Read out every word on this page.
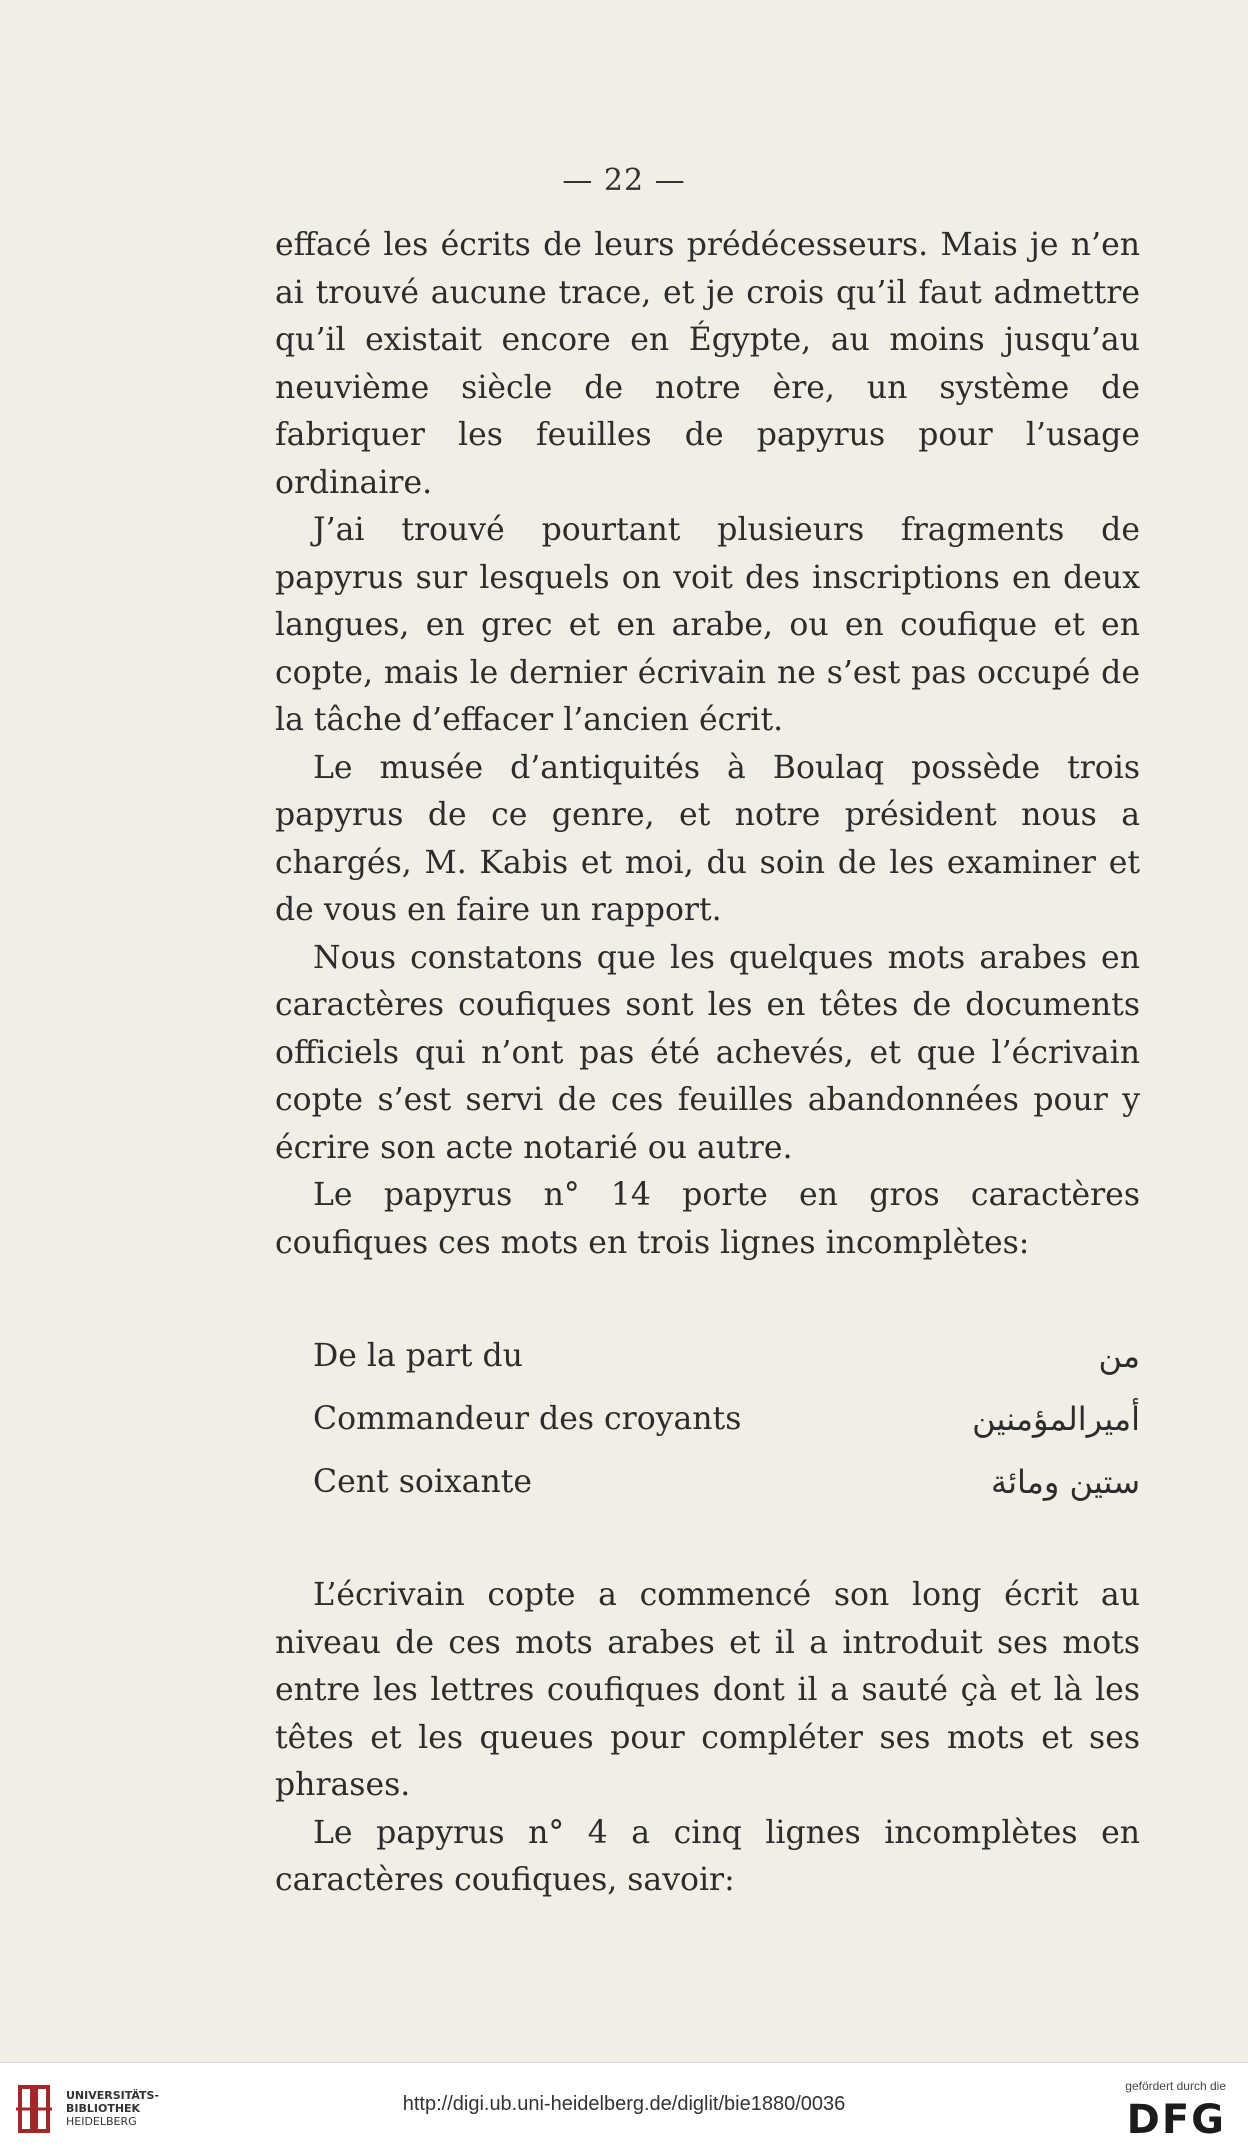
— 22 —

effacé les écrits de leurs prédécesseurs. Mais je n’en ai trouvé aucune trace, et je crois qu’il faut admettre qu’il existait encore en Égypte, au moins jusqu’au neuvième siècle de notre ère, un système de fabriquer les feuilles de papyrus pour l’usage ordinaire.

J’ai trouvé pourtant plusieurs fragments de papyrus sur lesquels on voit des inscriptions en deux langues, en grec et en arabe, ou en coufique et en copte, mais le dernier écrivain ne s’est pas occupé de la tâche d’effacer l’ancien écrit.

Le musée d’antiquités à Boulaq possède trois papyrus de ce genre, et notre président nous a chargés, M. Kabis et moi, du soin de les examiner et de vous en faire un rapport.

Nous constatons que les quelques mots arabes en caractères coufiques sont les en têtes de documents officiels qui n’ont pas été achevés, et que l’écrivain copte s’est servi de ces feuilles abandonnées pour y écrire son acte notarié ou autre.

Le papyrus n° 14 porte en gros caractères coufiques ces mots en trois lignes incomplètes:

De la part du	من
Commandeur des croyants	أميرالمؤمنين
Cent soixante	ستين ومائة

L’écrivain copte a commencé son long écrit au niveau de ces mots arabes et il a introduit ses mots entre les lettres coufiques dont il a sauté çà et là les têtes et les queues pour compléter ses mots et ses phrases.

Le papyrus n° 4 a cinq lignes incomplètes en caractères coufiques, savoir:

UNIVERSITÄTS-
BIBLIOTHEK
HEIDELBERG
http://digi.ub.uni-heidelberg.de/diglit/bie1880/0036
gefördert durch die
DFG
